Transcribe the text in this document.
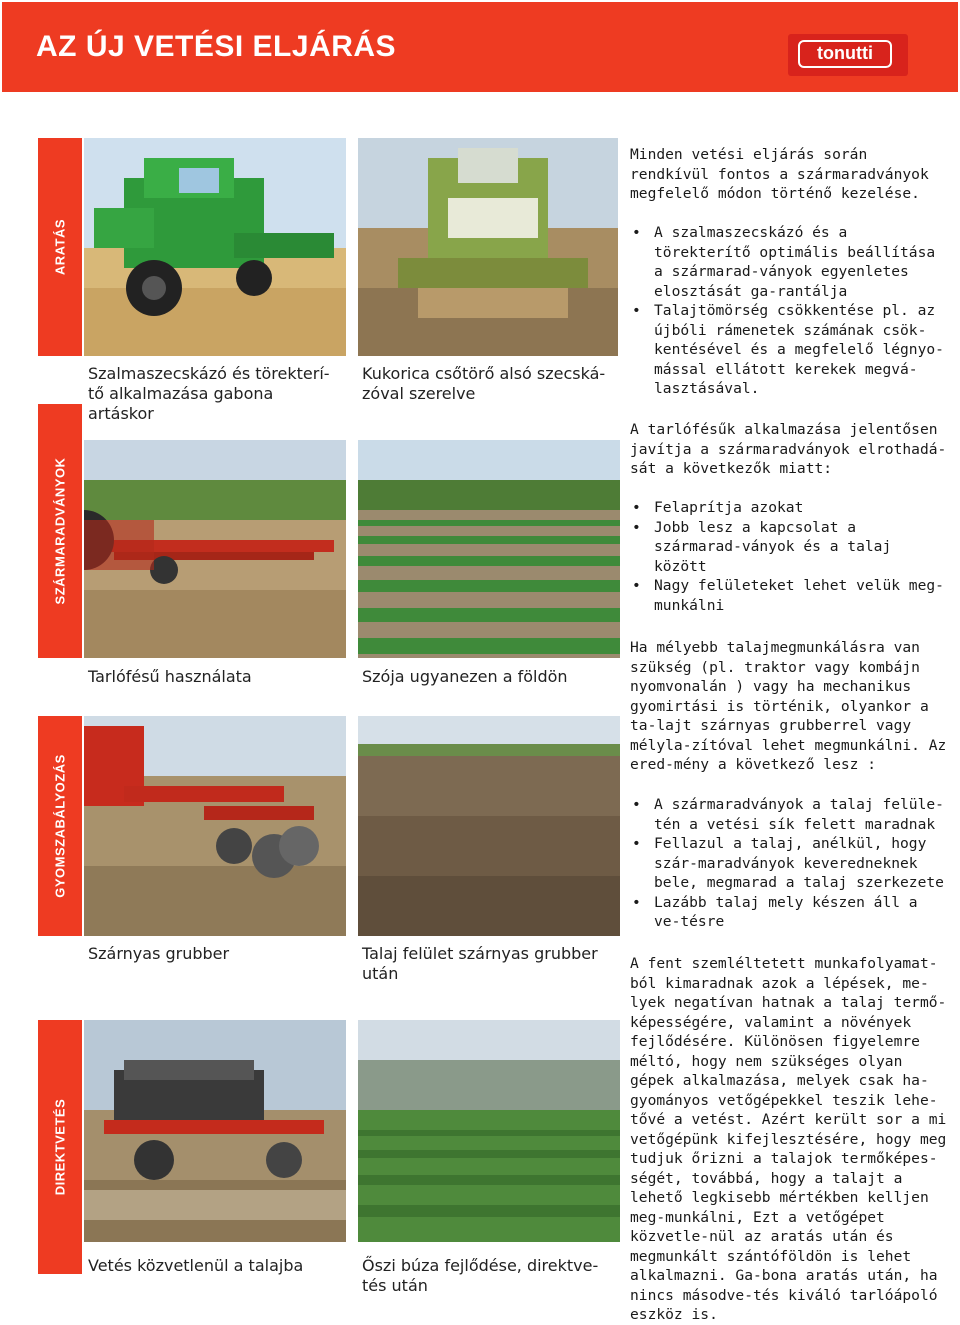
AZ ÚJ VETÉSI ELJÁRÁS	tonutti
ARATÁS
SZÁRMARADVÁNYOK
GYOMSZABÁLYOZÁS
DIREKTVETÉS
Szalmaszecskázó és törekterí-tő alkalmazása gabona artáskor
Kukorica csőtörő alsó szecská-zóval szerelve
Tarlófésű használata	Szója ugyanezen a földön
Szárnyas grubber	Talaj felület szárnyas grubber után
Vetés közvetlenül a talajba	Őszi búza fejlődése, direktve-tés után

Minden vetési eljárás során rendkívül fontos a szármaradványok megfelelő módon történő kezelése.

• A szalmaszecskázó és a törekterítő optimális beállítása a szármarad-ványok egyenletes elosztását ga-rantálja
• Talajtömörség csökkentése pl. az újbóli rámenetek számának csök-kentésével és a megfelelő légnyo-mással ellátott kerekek megvá-lasztásával.

A tarlófésűk alkalmazása jelentősen javítja a szármaradványok elrothadá-sát a következők miatt:

• Felaprítja azokat
• Jobb lesz a kapcsolat a szármarad-ványok és a talaj között
• Nagy felületeket lehet velük meg-munkálni

Ha mélyebb talajmegmunkálásra van szükség (pl. traktor vagy kombájn nyomvonalán ) vagy ha mechanikus gyomirtási is történik, olyankor a ta-lajt szárnyas grubberrel vagy mélyla-zítóval lehet megmunkálni. Az ered-mény a következő lesz :

• A szármaradványok a talaj felüle-tén a vetési sík felett maradnak
• Fellazul a talaj, anélkül, hogy szár-maradványok keveredneknek bele, megmarad a talaj szerkezete
• Lazább talaj mely készen áll a ve-tésre

A fent szemléltetett munkafolyamat-ból kimaradnak azok a lépések, me-lyek negatívan hatnak a talaj termő-képességére, valamint a növények fejlődésére. Különösen figyelemre méltó, hogy nem szükséges olyan gépek alkalmazása, melyek csak ha-gyományos vetőgépekkel teszik lehe-tővé a vetést. Azért került sor a mi vetőgépünk kifejlesztésére, hogy meg tudjuk őrizni a talajok termőképes-ségét, továbbá, hogy a talajt a lehető legkisebb mértékben kelljen meg-munkálni, Ezt a vetőgépet közvetle-nül az aratás után és megmunkált szántóföldön is lehet alkalmazni. Ga-bona aratás után, ha nincs másodve-tés kiváló tarlóápoló eszköz is.
